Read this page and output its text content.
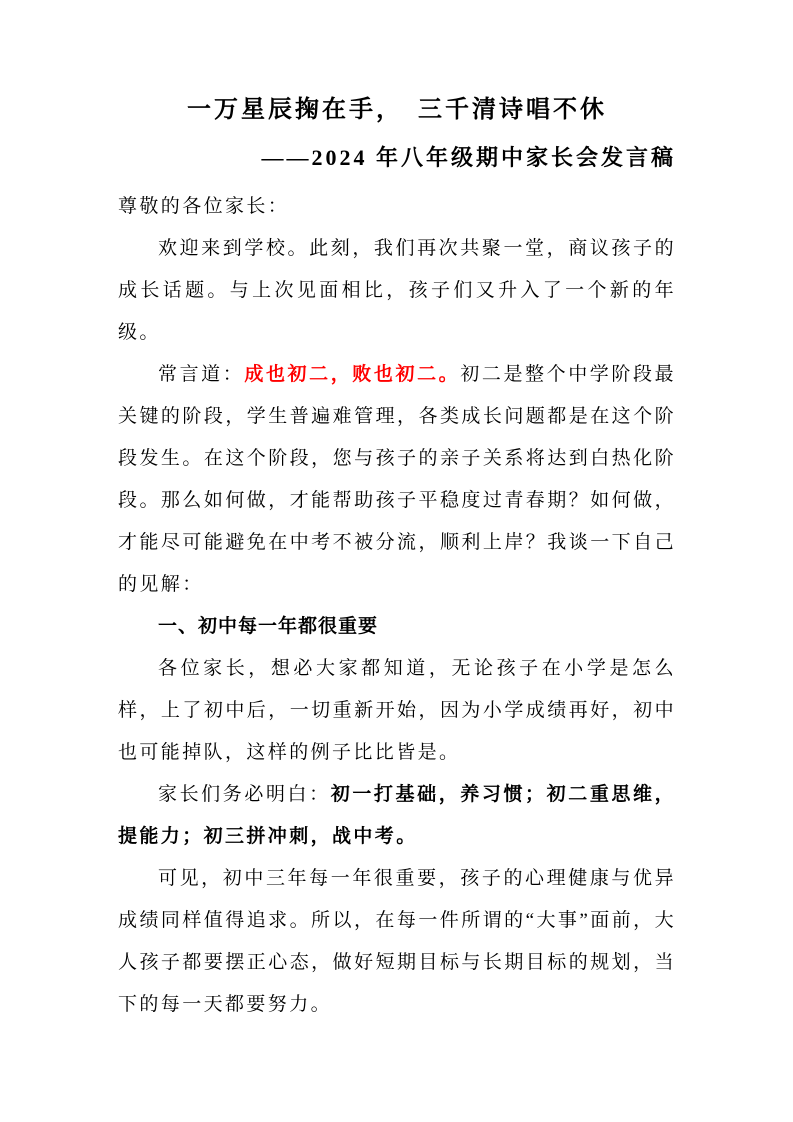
一万星辰掬在手，　三千清诗唱不休
——2024 年八年级期中家长会发言稿

尊敬的各位家长：

欢迎来到学校。此刻，我们再次共聚一堂，商议孩子的成长话题。与上次见面相比，孩子们又升入了一个新的年级。

常言道：成也初二，败也初二。初二是整个中学阶段最关键的阶段，学生普遍难管理，各类成长问题都是在这个阶段发生。在这个阶段，您与孩子的亲子关系将达到白热化阶段。那么如何做，才能帮助孩子平稳度过青春期？如何做，才能尽可能避免在中考不被分流，顺利上岸？我谈一下自己的见解：

一、初中每一年都很重要

各位家长，想必大家都知道，无论孩子在小学是怎么样，上了初中后，一切重新开始，因为小学成绩再好，初中也可能掉队，这样的例子比比皆是。

家长们务必明白：初一打基础，养习惯；初二重思维，提能力；初三拼冲刺，战中考。

可见，初中三年每一年很重要，孩子的心理健康与优异成绩同样值得追求。所以，在每一件所谓的“大事”面前，大人孩子都要摆正心态，做好短期目标与长期目标的规划，当下的每一天都要努力。
